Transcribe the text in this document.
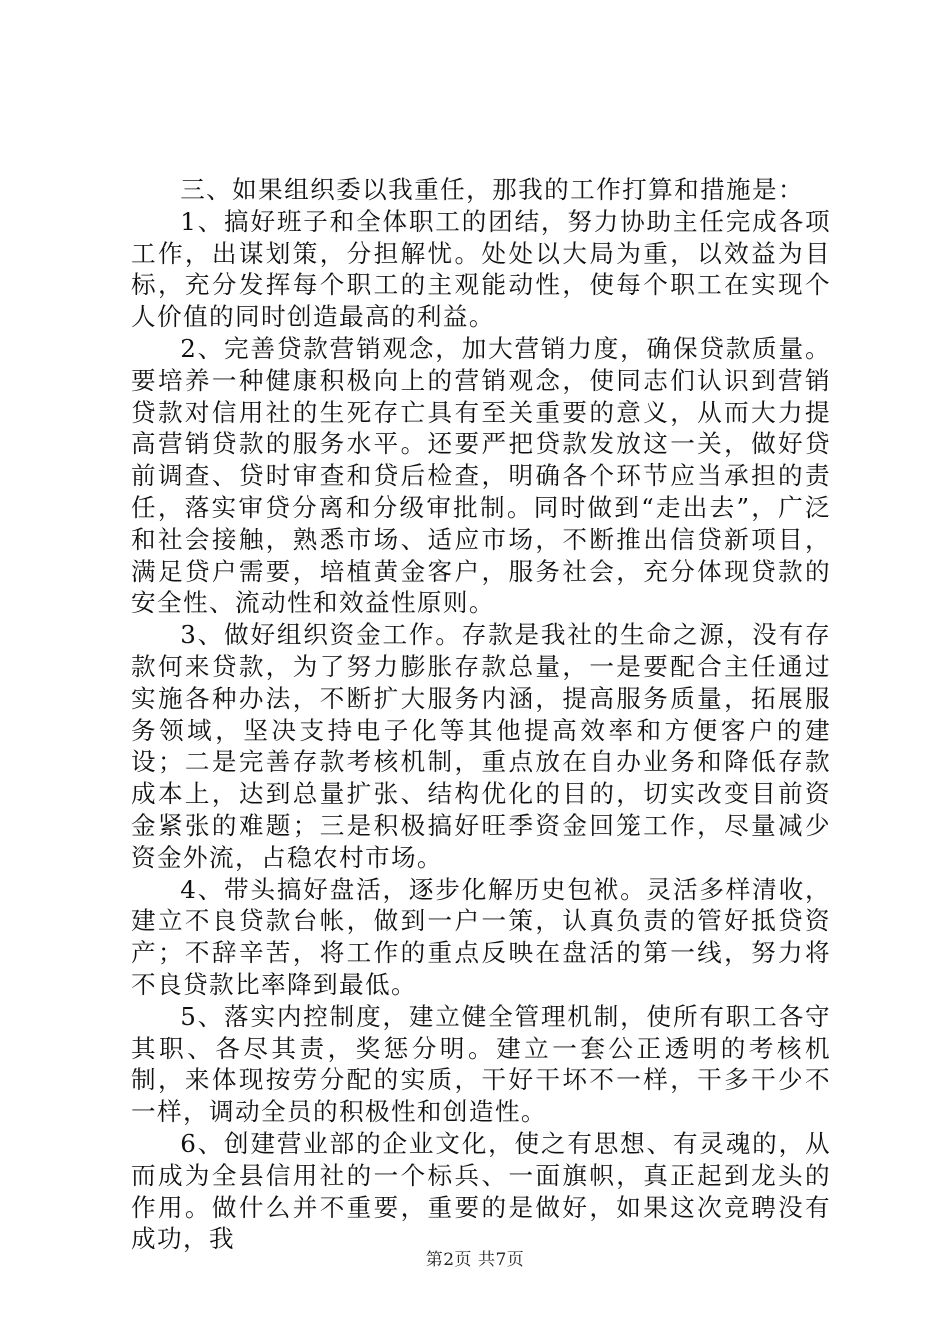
三、如果组织委以我重任，那我的工作打算和措施是：

1、搞好班子和全体职工的团结，努力协助主任完成各项工作，出谋划策，分担解忧。处处以大局为重，以效益为目标，充分发挥每个职工的主观能动性，使每个职工在实现个人价值的同时创造最高的利益。

2、完善贷款营销观念，加大营销力度，确保贷款质量。要培养一种健康积极向上的营销观念，使同志们认识到营销贷款对信用社的生死存亡具有至关重要的意义，从而大力提高营销贷款的服务水平。还要严把贷款发放这一关，做好贷前调查、贷时审查和贷后检查，明确各个环节应当承担的责任，落实审贷分离和分级审批制。同时做到“走出去”，广泛和社会接触，熟悉市场、适应市场，不断推出信贷新项目，满足贷户需要，培植黄金客户，服务社会，充分体现贷款的安全性、流动性和效益性原则。

3、做好组织资金工作。存款是我社的生命之源，没有存款何来贷款，为了努力膨胀存款总量，一是要配合主任通过实施各种办法，不断扩大服务内涵，提高服务质量，拓展服务领域，坚决支持电子化等其他提高效率和方便客户的建设；二是完善存款考核机制，重点放在自办业务和降低存款成本上，达到总量扩张、结构优化的目的，切实改变目前资金紧张的难题；三是积极搞好旺季资金回笼工作，尽量减少资金外流，占稳农村市场。

4、带头搞好盘活，逐步化解历史包袱。灵活多样清收，建立不良贷款台帐，做到一户一策，认真负责的管好抵贷资产；不辞辛苦，将工作的重点反映在盘活的第一线，努力将不良贷款比率降到最低。

5、落实内控制度，建立健全管理机制，使所有职工各守其职、各尽其责，奖惩分明。建立一套公正透明的考核机制，来体现按劳分配的实质，干好干坏不一样，干多干少不一样，调动全员的积极性和创造性。

6、创建营业部的企业文化，使之有思想、有灵魂的，从而成为全县信用社的一个标兵、一面旗帜，真正起到龙头的作用。做什么并不重要，重要的是做好，如果这次竞聘没有成功，我

第2页 共7页
